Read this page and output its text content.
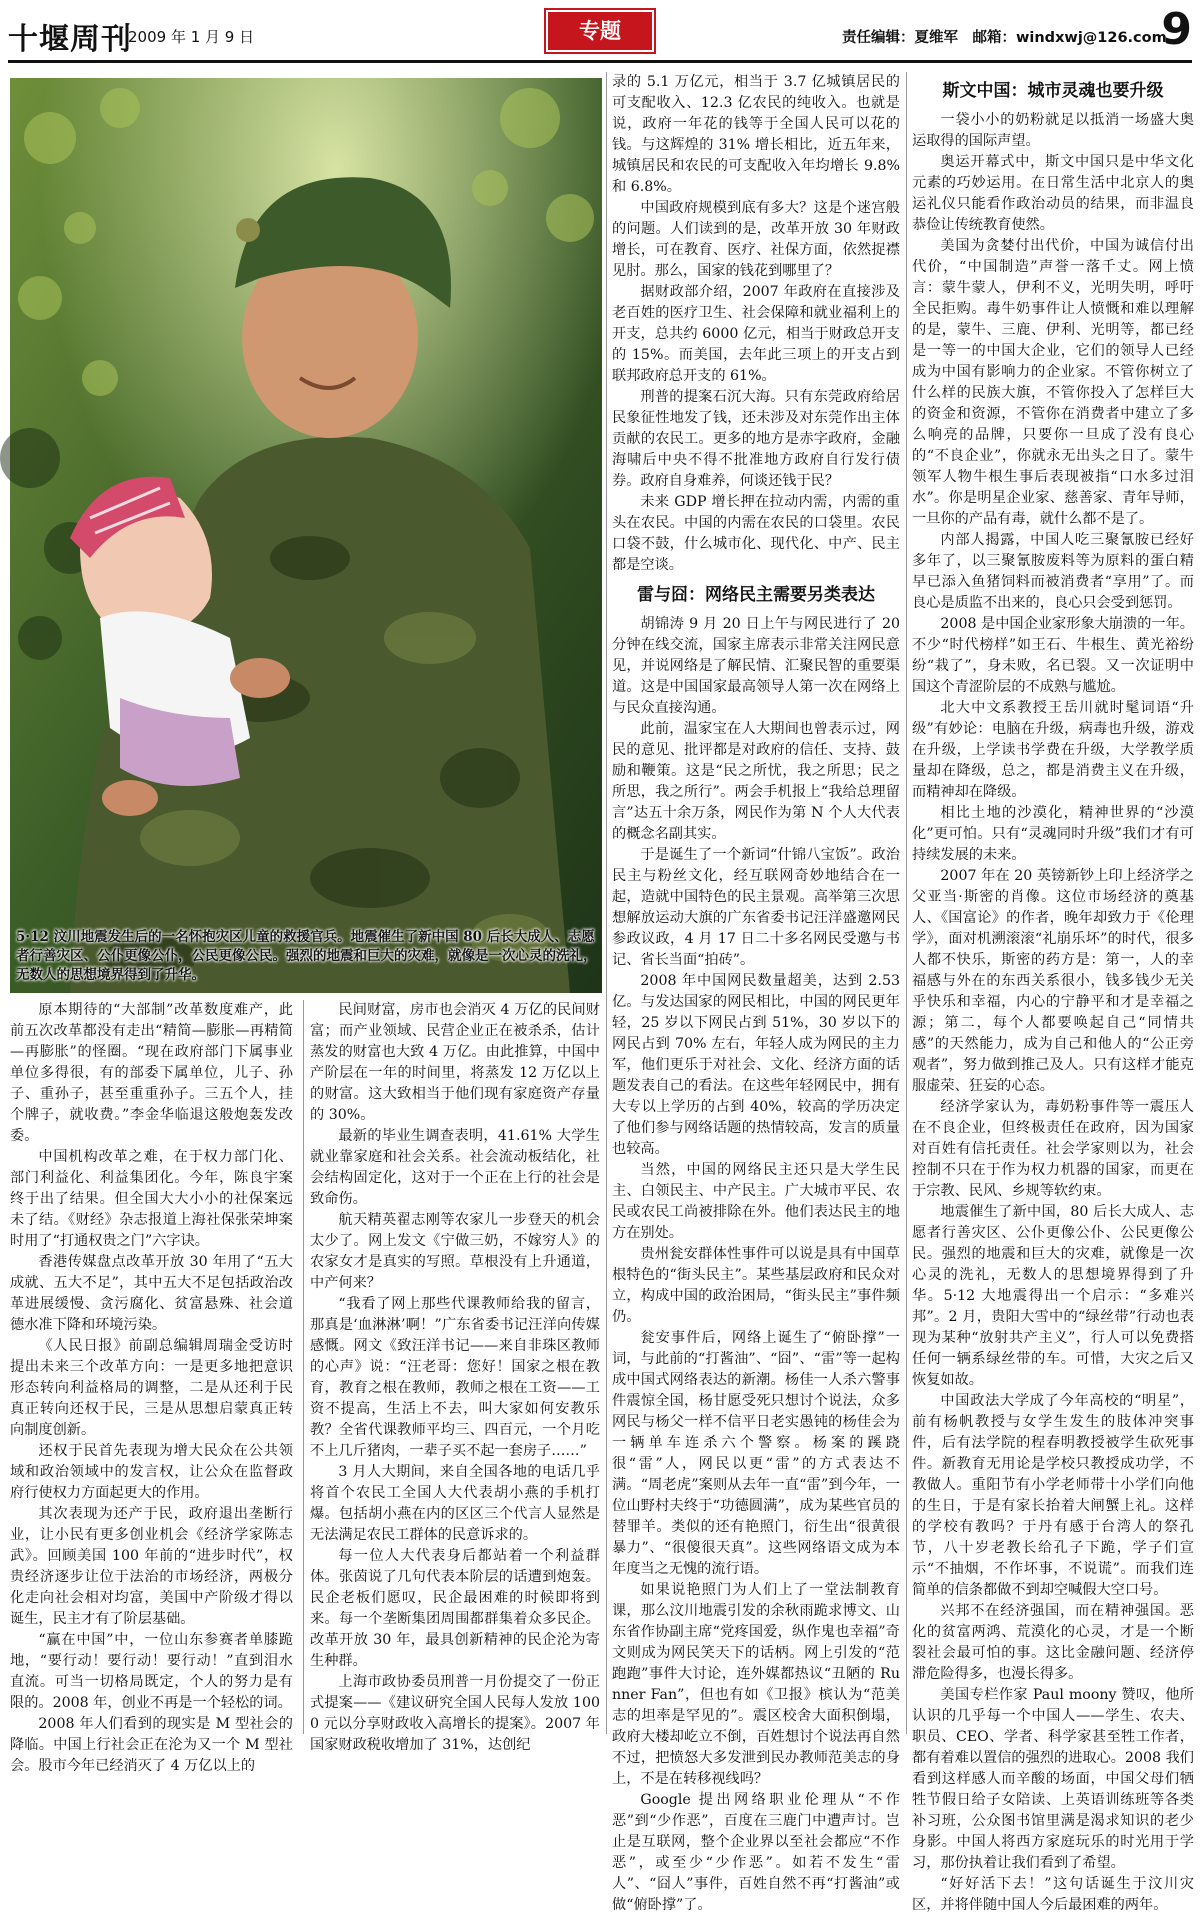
十堰周刊
2009 年 1 月 9 日	专题	责任编辑：夏维军　邮箱：windxwj@126.com
9
5·12 汶川地震发生后的一名怀抱灾区儿童的救援官兵。地震催生了新中国 80 后长大成人、志愿者行善灾区、公仆更像公仆，公民更像公民。强烈的地震和巨大的灾难，就像是一次心灵的洗礼，无数人的思想境界得到了升华。

原本期待的“大部制”改革数度难产，此前五次改革都没有走出“精简—膨胀—再精简—再膨胀”的怪圈。“现在政府部门下属事业单位多得很，有的部委下属单位，儿子、孙子、重孙子，甚至重重孙子。三五个人，挂个牌子，就收费。”李金华临退这般炮轰发改委。

中国机构改革之难，在于权力部门化、部门利益化、利益集团化。今年，陈良宇案终于出了结果。但全国大大小小的社保案远未了结。《财经》杂志报道上海社保张荣坤案时用了“打通权贵之门”六字诀。

香港传媒盘点改革开放 30 年用了“五大成就、五大不足”，其中五大不足包括政治改革进展缓慢、贪污腐化、贫富悬殊、社会道德水准下降和环境污染。

《人民日报》前副总编辑周瑞金受访时提出未来三个改革方向：一是更多地把意识形态转向利益格局的调整，二是从还利于民真正转向还权于民，三是从思想启蒙真正转向制度创新。

还权于民首先表现为增大民众在公共领域和政治领域中的发言权，让公众在监督政府行使权力方面起更大的作用。

其次表现为还产于民，政府退出垄断行业，让小民有更多创业机会《经济学家陈志武》。回顾美国 100 年前的“进步时代”，权贵经济逐步让位于法治的市场经济，两极分化走向社会相对均富，美国中产阶级才得以诞生，民主才有了阶层基础。

“赢在中国”中，一位山东参赛者单膝跪地，“要行动！要行动！要行动！”直到泪水直流。可当一切格局既定，个人的努力是有限的。2008 年，创业不再是一个轻松的词。

2008 年人们看到的现实是 M 型社会的降临。中国上行社会正在沦为又一个 M 型社会。股市今年已经消灭了 4 万亿以上的

民间财富，房市也会消灭 4 万亿的民间财富；而产业领域、民营企业正在被杀杀，估计蒸发的财富也大致 4 万亿。由此推算，中国中产阶层在一年的时间里，将蒸发 12 万亿以上的财富。这大致相当于他们现有家庭资产存量的 30%。

最新的毕业生调查表明，41.61% 大学生就业靠家庭和社会关系。社会流动板结化，社会结构固定化，这对于一个正在上行的社会是致命伤。

航天精英翟志刚等农家儿一步登天的机会太少了。网上发文《宁做三奶，不嫁穷人》的农家女才是真实的写照。草根没有上升通道，中产何来？

“我看了网上那些代课教师给我的留言，那真是‘血淋淋’啊！”广东省委书记汪洋向传媒感慨。网文《致汪洋书记——来自非珠区教师的心声》说：“汪老哥：您好！国家之根在教育，教育之根在教师，教师之根在工资——工资不提高，生活上不去，叫大家如何安教乐教？全省代课教师平均三、四百元，一个月吃不上几斤猪肉，一辈子买不起一套房子……”

3 月人大期间，来自全国各地的电话几乎将首个农民工全国人大代表胡小燕的手机打爆。包括胡小燕在内的区区三个代言人显然是无法满足农民工群体的民意诉求的。

每一位人大代表身后都站着一个利益群体。张茵说了几句代表本阶层的话遭到炮轰。民企老板们愿叹，民企最困难的时候即将到来。每一个垄断集团周围都群集着众多民企。改革开放 30 年，最具创新精神的民企沦为寄生种群。

上海市政协委员刑普一月份提交了一份正式提案——《建议研究全国人民每人发放 1000 元以分享财政收入高增长的提案》。2007 年国家财政税收增加了 31%，达创纪

录的 5.1 万亿元，相当于 3.7 亿城镇居民的可支配收入、12.3 亿农民的纯收入。也就是说，政府一年花的钱等于全国人民可以花的钱。与这辉煌的 31% 增长相比，近五年来，城镇居民和农民的可支配收入年均增长 9.8% 和 6.8%。

中国政府规模到底有多大？这是个迷宫般的问题。人们读到的是，改革开放 30 年财政增长，可在教育、医疗、社保方面，依然捉襟见肘。那么，国家的钱花到哪里了？

据财政部介绍，2007 年政府在直接涉及老百姓的医疗卫生、社会保障和就业福利上的开支，总共约 6000 亿元，相当于财政总开支的 15%。而美国，去年此三项上的开支占到联邦政府总开支的 61%。

刑普的提案石沉大海。只有东莞政府给居民象征性地发了钱，还未涉及对东莞作出主体贡献的农民工。更多的地方是赤字政府，金融海啸后中央不得不批准地方政府自行发行债券。政府自身难养，何谈还钱于民？

未来 GDP 增长押在拉动内需，内需的重头在农民。中国的内需在农民的口袋里。农民口袋不鼓，什么城市化、现代化、中产、民主都是空谈。

雷与囧：网络民主需要另类表达

胡锦涛 9 月 20 日上午与网民进行了 20 分钟在线交流，国家主席表示非常关注网民意见，并说网络是了解民情、汇聚民智的重要渠道。这是中国国家最高领导人第一次在网络上与民众直接沟通。

此前，温家宝在人大期间也曾表示过，网民的意见、批评都是对政府的信任、支持、鼓励和鞭策。这是“民之所忧，我之所思；民之所思，我之所行”。两会手机报上“我给总理留言”达五十余万条，网民作为第 N 个人大代表的概念名副其实。

于是诞生了一个新词“什锦八宝饭”。政治民主与粉丝文化，经互联网奇妙地结合在一起，造就中国特色的民主景观。高举第三次思想解放运动大旗的广东省委书记汪洋盛邀网民参政议政，4 月 17 日二十多名网民受邀与书记、省长当面“拍砖”。

2008 年中国网民数量超美，达到 2.53 亿。与发达国家的网民相比，中国的网民更年轻，25 岁以下网民占到 51%，30 岁以下的网民占到 70% 左右，年轻人成为网民的主力军，他们更乐于对社会、文化、经济方面的话题发表自己的看法。在这些年轻网民中，拥有大专以上学历的占到 40%，较高的学历决定了他们参与网络话题的热情较高，发言的质量也较高。

当然，中国的网络民主还只是大学生民主、白领民主、中产民主。广大城市平民、农民或农民工尚被排除在外。他们表达民主的地方在别处。

贵州瓮安群体性事件可以说是具有中国草根特色的“街头民主”。某些基层政府和民众对立，构成中国的政治困局，“街头民主”事件频仍。

瓮安事件后，网络上诞生了“俯卧撑”一词，与此前的“打酱油”、“囧”、“雷”等一起构成中国式网络表达的新潮。杨佳一人杀六警事件震惊全国，杨甘愿受死只想讨个说法，众多网民与杨父一样不信平日老实愚钝的杨佳会为一辆单车连杀六个警察。杨案的蹊跷很“雷”人，网民以更“雷”的方式表达不满。“周老虎”案则从去年一直“雷”到今年，一位山野村夫终于“功德圆满”，成为某些官员的替罪羊。类似的还有艳照门，衍生出“很黄很暴力”、“很傻很天真”。这些网络语文成为本年度当之无愧的流行语。

如果说艳照门为人们上了一堂法制教育课，那么汶川地震引发的余秋雨跪求博文、山东省作协副主席“党疼国爱，纵作鬼也幸福”奇文则成为网民笑天下的话柄。网上引发的“范跑跑”事件大讨论，连外媒都热议“丑陋的 Runner Fan”，但也有如《卫报》槟认为“范美志的坦率是罕见的”。震区校舍大面积倒塌，政府大楼却屹立不倒，百姓想讨个说法再自然不过，把愤怒大多发泄到民办教师范美志的身上，不是在转移视线吗？

Google 提出网络职业伦理从“不作恶”到“少作恶”，百度在三鹿门中遭声讨。岂止是互联网，整个企业界以至社会都应“不作恶”，或至少“少作恶”。如若不发生“雷人”、“囧人”事件，百姓自然不再“打酱油”或做“俯卧撑”了。

斯文中国：城市灵魂也要升级

一袋小小的奶粉就足以抵消一场盛大奥运取得的国际声望。

奥运开幕式中，斯文中国只是中华文化元素的巧妙运用。在日常生活中北京人的奥运礼仪只能看作政治动员的结果，而非温良恭俭让传统教育使然。

美国为贪婪付出代价，中国为诚信付出代价，“中国制造”声誉一落千丈。网上愤言：蒙牛蒙人，伊利不义，光明失明，呼吁全民拒购。毒牛奶事件让人愤慨和难以理解的是，蒙牛、三鹿、伊利、光明等，都已经是一等一的中国大企业，它们的领导人已经成为中国有影响力的企业家。不管你树立了什么样的民族大旗，不管你投入了怎样巨大的资金和资源，不管你在消费者中建立了多么响亮的品牌，只要你一旦成了没有良心的“不良企业”，你就永无出头之日了。蒙牛领军人物牛根生事后表现被指“口水多过泪水”。你是明星企业家、慈善家、青年导师，一旦你的产品有毒，就什么都不是了。

内部人揭露，中国人吃三聚氰胺已经好多年了，以三聚氰胺废料等为原料的蛋白精早已添入鱼猪饲料而被消费者“享用”了。而良心是质监不出来的，良心只会受到惩罚。

2008 是中国企业家形象大崩溃的一年。不少“时代榜样”如王石、牛根生、黄光裕纷纷“栽了”，身未败，名已裂。又一次证明中国这个青涩阶层的不成熟与尴尬。

北大中文系教授王岳川就时髦词语“升级”有妙论：电脑在升级，病毒也升级，游戏在升级，上学读书学费在升级，大学教学质量却在降级，总之，都是消费主义在升级，而精神却在降级。

相比土地的沙漠化，精神世界的“沙漠化”更可怕。只有“灵魂同时升级”我们才有可持续发展的未来。

2007 年在 20 英镑新钞上印上经济学之父亚当·斯密的肖像。这位市场经济的奠基人、《国富论》的作者，晚年却致力于《伦理学》，面对机溯滚滚“礼崩乐坏”的时代，很多人都不快乐，斯密的药方是：第一，人的幸福感与外在的东西关系很小，钱多钱少无关乎快乐和幸福，内心的宁静平和才是幸福之源；第二，每个人都要唤起自己“同情共感”的天然能力，成为自己和他人的“公正旁观者”，努力做到推己及人。只有这样才能克服虚荣、狂妄的心态。

经济学家认为，毒奶粉事件等一震压人在不良企业，但终极责任在政府，因为国家对百姓有信托责任。社会学家则以为，社会控制不只在于作为权力机器的国家，而更在于宗教、民风、乡规等软约束。

地震催生了新中国，80 后长大成人、志愿者行善灾区、公仆更像公仆、公民更像公民。强烈的地震和巨大的灾难，就像是一次心灵的洗礼，无数人的思想境界得到了升华。5·12 大地震得出一个启示：“多难兴邦”。2 月，贵阳大雪中的“绿丝带”行动也表现为某种“放射共产主义”，行人可以免费搭任何一辆系绿丝带的车。可惜，大灾之后又恢复如故。

中国政法大学成了今年高校的“明星”，前有杨帆教授与女学生发生的肢体冲突事件，后有法学院的程春明教授被学生砍死事件。新教育无用论是学校只教授成功学，不教做人。重阳节有小学老师带十小学们向他的生日，于是有家长抬着大闸蟹上礼。这样的学校有教吗？于丹有感于台湾人的祭孔节，八十岁老教长给孔子下跪，学子们宣示“不抽烟，不作坏事，不说谎”。而我们连简单的信条都做不到却空喊假大空口号。

兴邦不在经济强国，而在精神强国。恶化的贫富两鸿、荒漠化的心灵，才是一个断裂社会最可怕的事。这比金融问题、经济停滞危险得多，也漫长得多。

美国专栏作家 Paul moony 赞叹，他所认识的几乎每一个中国人——学生、农夫、职员、CEO、学者、科学家甚至牲工作者，都有着难以置信的强烈的进取心。2008 我们看到这样感人而辛酸的场面，中国父母们牺牲节假日给子女陪读、上英语训练班等各类补习班，公众图书馆里满是渴求知识的老少身影。中国人将西方家庭玩乐的时光用于学习，那份执着让我们看到了希望。

“好好活下去！”这句话诞生于汶川灾区，并将伴随中国人今后最困难的两年。
